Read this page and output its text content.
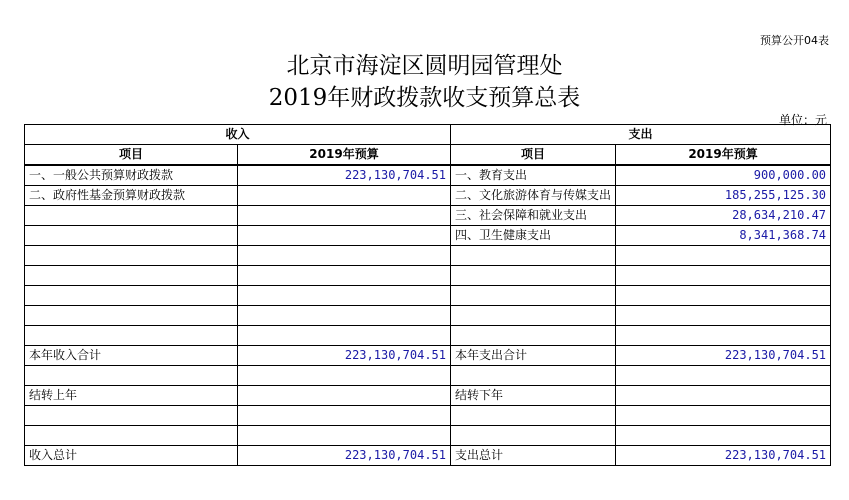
预算公开04表
北京市海淀区圆明园管理处
2019年财政拨款收支预算总表
单位：元
收入		支出	
项目	2019年预算	项目	2019年预算
一、一般公共预算财政拨款	223,130,704.51	一、教育支出	900,000.00
二、政府性基金预算财政拨款		二、文化旅游体育与传媒支出	185,255,125.30
		三、社会保障和就业支出	28,634,210.47
		四、卫生健康支出	8,341,368.74

本年收入合计	223,130,704.51	本年支出合计	223,130,704.51

结转上年		结转下年	

收入总计	223,130,704.51	支出总计	223,130,704.51
